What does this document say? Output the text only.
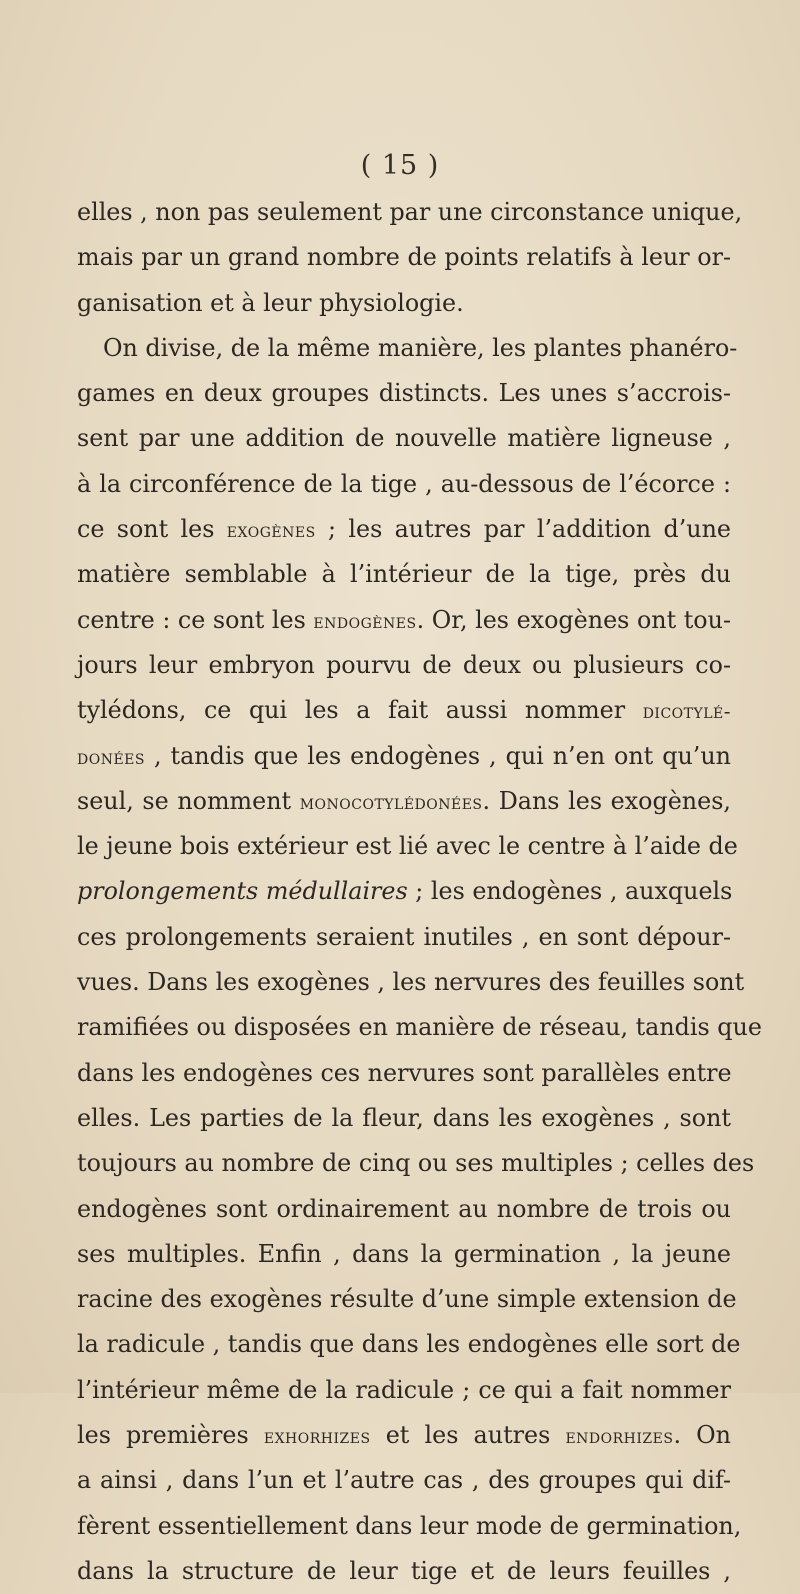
( 15 )
elles , non pas seulement par une circonstance unique,
mais par un grand nombre de points relatifs à leur or-
ganisation et à leur physiologie.
On divise, de la même manière, les plantes phanéro-
games en deux groupes distincts. Les unes s’accrois-
sent par une addition de nouvelle matière ligneuse ,
à la circonférence de la tige , au-dessous de l’écorce :
ce sont les exogènes ; les autres par l’addition d’une
matière semblable à l’intérieur de la tige, près du
centre : ce sont les endogènes. Or, les exogènes ont tou-
jours leur embryon pourvu de deux ou plusieurs co-
tylédons, ce qui les a fait aussi nommer dicotylé-
donées , tandis que les endogènes , qui n’en ont qu’un
seul, se nomment monocotylédonées. Dans les exogènes,
le jeune bois extérieur est lié avec le centre à l’aide de
prolongements médullaires ; les endogènes , auxquels
ces prolongements seraient inutiles , en sont dépour-
vues. Dans les exogènes , les nervures des feuilles sont
ramifiées ou disposées en manière de réseau, tandis que
dans les endogènes ces nervures sont parallèles entre
elles. Les parties de la fleur, dans les exogènes , sont
toujours au nombre de cinq ou ses multiples ; celles des
endogènes sont ordinairement au nombre de trois ou
ses multiples. Enfin , dans la germination , la jeune
racine des exogènes résulte d’une simple extension de
la radicule , tandis que dans les endogènes elle sort de
l’intérieur même de la radicule ; ce qui a fait nommer
les premières exhorhizes et les autres endorhizes. On
a ainsi , dans l’un et l’autre cas , des groupes qui dif-
fèrent essentiellement dans leur mode de germination,
dans la structure de leur tige et de leurs feuilles ,
